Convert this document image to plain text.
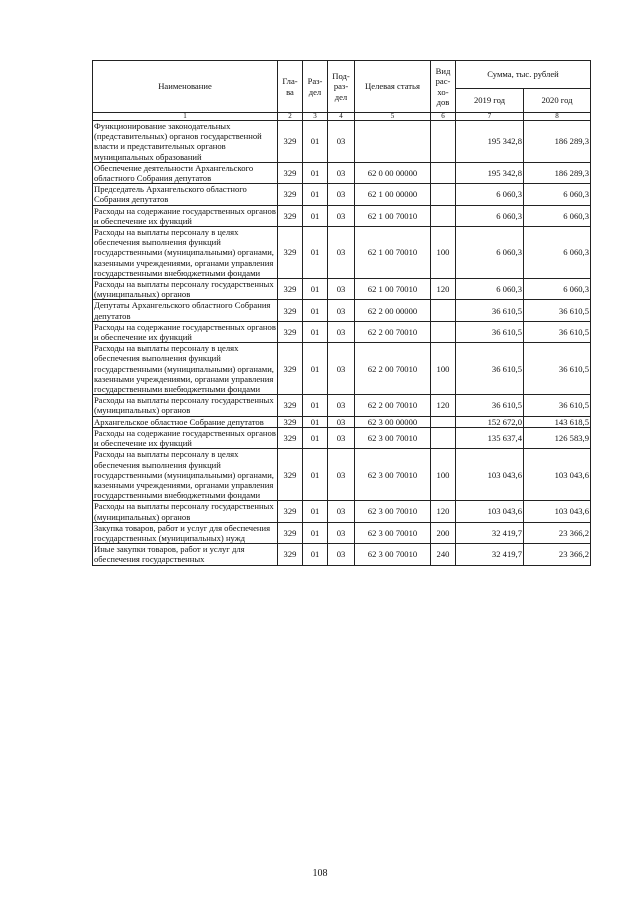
Наименование	Гла-ва	Раз-дел	Под-раз-дел	Целевая статья	Вид рас-хо-дов	Сумма, тыс. рублей	
						2019 год	2020 год
1	2	3	4	5	6	7	8
Функционирование законодательных (представительных) органов государственной власти и представительных органов муниципальных образований	329	01	03			195 342,8	186 289,3
Обеспечение деятельности Архангельского областного Собрания депутатов	329	01	03	62 0 00 00000		195 342,8	186 289,3
Председатель Архангельского областного Собрания депутатов	329	01	03	62 1 00 00000		6 060,3	6 060,3
Расходы на содержание государственных органов и обеспечение их функций	329	01	03	62 1 00 70010		6 060,3	6 060,3
Расходы на выплаты персоналу в целях обеспечения выполнения функций государственными (муниципальными) органами, казенными учреждениями, органами управления государственными внебюджетными фондами	329	01	03	62 1 00 70010	100	6 060,3	6 060,3
Расходы на выплаты персоналу государственных (муниципальных) органов	329	01	03	62 1 00 70010	120	6 060,3	6 060,3
Депутаты Архангельского областного Собрания депутатов	329	01	03	62 2 00 00000		36 610,5	36 610,5
Расходы на содержание государственных органов и обеспечение их функций	329	01	03	62 2 00 70010		36 610,5	36 610,5
Расходы на выплаты персоналу в целях обеспечения выполнения функций государственными (муниципальными) органами, казенными учреждениями, органами управления государственными внебюджетными фондами	329	01	03	62 2 00 70010	100	36 610,5	36 610,5
Расходы на выплаты персоналу государственных (муниципальных) органов	329	01	03	62 2 00 70010	120	36 610,5	36 610,5
Архангельское областное Собрание депутатов	329	01	03	62 3 00 00000		152 672,0	143 618,5
Расходы на содержание государственных органов и обеспечение их функций	329	01	03	62 3 00 70010		135 637,4	126 583,9
Расходы на выплаты персоналу в целях обеспечения выполнения функций государственными (муниципальными) органами, казенными учреждениями, органами управления государственными внебюджетными фондами	329	01	03	62 3 00 70010	100	103 043,6	103 043,6
Расходы на выплаты персоналу государственных (муниципальных) органов	329	01	03	62 3 00 70010	120	103 043,6	103 043,6
Закупка товаров, работ и услуг для обеспечения государственных (муниципальных) нужд	329	01	03	62 3 00 70010	200	32 419,7	23 366,2
Иные закупки товаров, работ и услуг для обеспечения государственных	329	01	03	62 3 00 70010	240	32 419,7	23 366,2
108
